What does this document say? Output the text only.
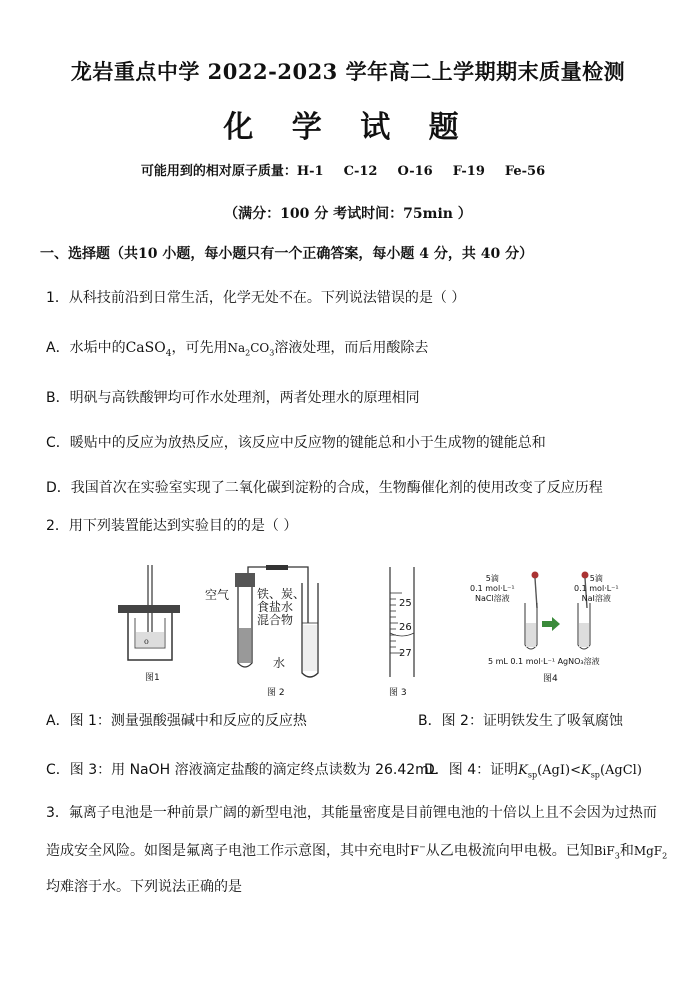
龙岩重点中学 2022-2023 学年高二上学期期末质量检测
化 学 试 题
可能用到的相对原子质量：H-1 C-12 O-16 F-19 Fe-56
（满分：100 分 考试时间：75min ）
一、选择题（共10 小题，每小题只有一个正确答案，每小题 4 分，共 40 分）
1．从科技前沿到日常生活，化学无处不在。下列说法错误的是（ ）
A．水垢中的CaSO$_4$，可先用$Na_2CO_3$溶液处理，而后用酸除去
B．明矾与高铁酸钾均可作水处理剂，两者处理水的原理相同
C．暖贴中的反应为放热反应，该反应中反应物的键能总和小于生成物的键能总和
D．我国首次在实验室实现了二氧化碳到淀粉的合成，生物酶催化剂的使用改变了反应历程
2．用下列装置能达到实验目的的是（ ）
ο
图1
空气 铁、炭、
食盐水
混合物
水
图 2
25
26
27
图 3
5滴
0.1 mol·L⁻¹
NaCl溶液
5滴
0.1 mol·L⁻¹
NaI溶液
5 mL 0.1 mol·L⁻¹ AgNO₃溶液
图4
A．图 1：测量强酸强碱中和反应的反应热	B．图 2：证明铁发生了吸氧腐蚀
C．图 3：用 NaOH 溶液滴定盐酸的滴定终点读数为 26.42mL
D．图 4：证明$K_{sp}(AgI)<K_{sp}(AgCl)$
3．氟离子电池是一种前景广阔的新型电池，其能量密度是目前锂电池的十倍以上且不会因为过热而
造成安全风险。如图是氟离子电池工作示意图，其中充电时F−从乙电极流向甲电极。已知BiF$_3$和MgF$_2$
均难溶于水。下列说法正确的是
